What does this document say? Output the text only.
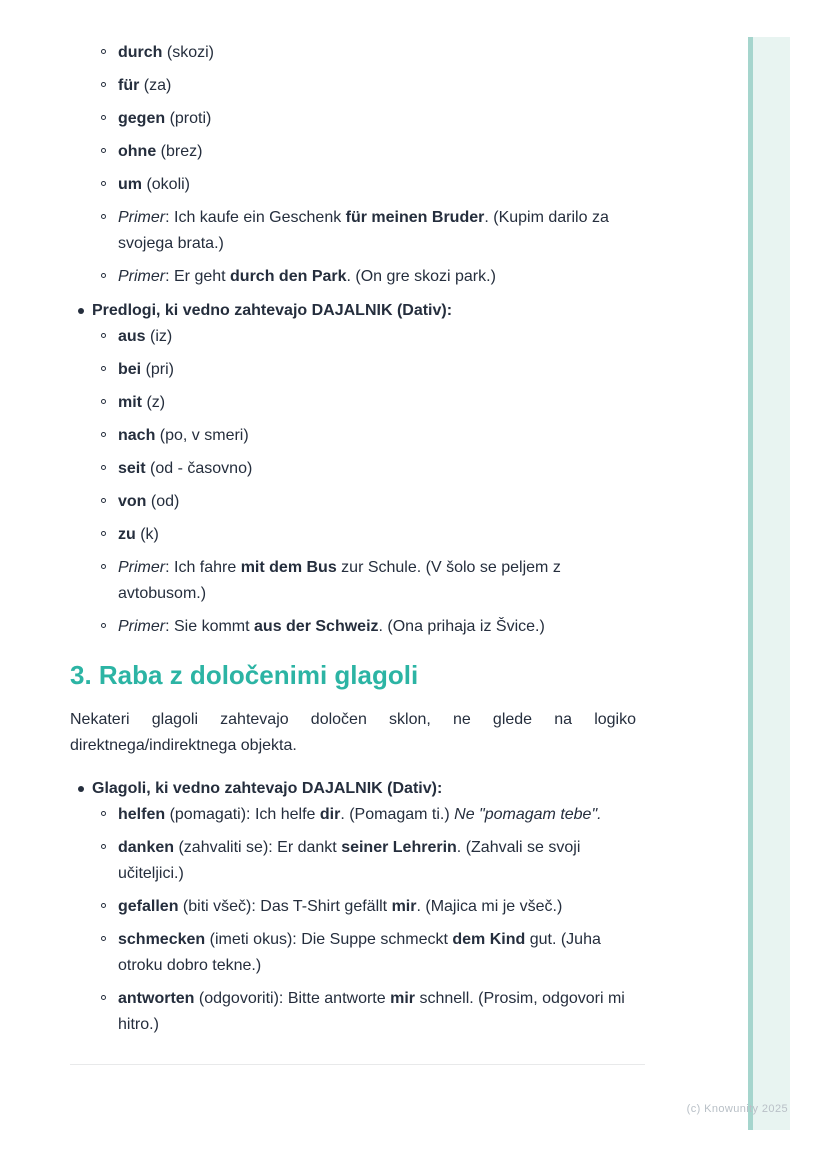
durch (skozi)
für (za)
gegen (proti)
ohne (brez)
um (okoli)
Primer: Ich kaufe ein Geschenk für meinen Bruder. (Kupim darilo za svojega brata.)
Primer: Er geht durch den Park. (On gre skozi park.)
Predlogi, ki vedno zahtevajo DAJALNIK (Dativ):
aus (iz)
bei (pri)
mit (z)
nach (po, v smeri)
seit (od - časovno)
von (od)
zu (k)
Primer: Ich fahre mit dem Bus zur Schule. (V šolo se peljem z avtobusom.)
Primer: Sie kommt aus der Schweiz. (Ona prihaja iz Švice.)
3. Raba z določenimi glagoli

Nekateri glagoli zahtevajo določen sklon, ne glede na logiko
direktnega/indirektnega objekta.

Glagoli, ki vedno zahtevajo DAJALNIK (Dativ):
helfen (pomagati): Ich helfe dir. (Pomagam ti.) Ne "pomagam tebe".
danken (zahvaliti se): Er dankt seiner Lehrerin. (Zahvali se svoji učiteljici.)
gefallen (biti všeč): Das T-Shirt gefällt mir. (Majica mi je všeč.)
schmecken (imeti okus): Die Suppe schmeckt dem Kind gut. (Juha otroku dobro tekne.)
antworten (odgovoriti): Bitte antworte mir schnell. (Prosim, odgovori mi hitro.)
(c) Knowunity 2025
